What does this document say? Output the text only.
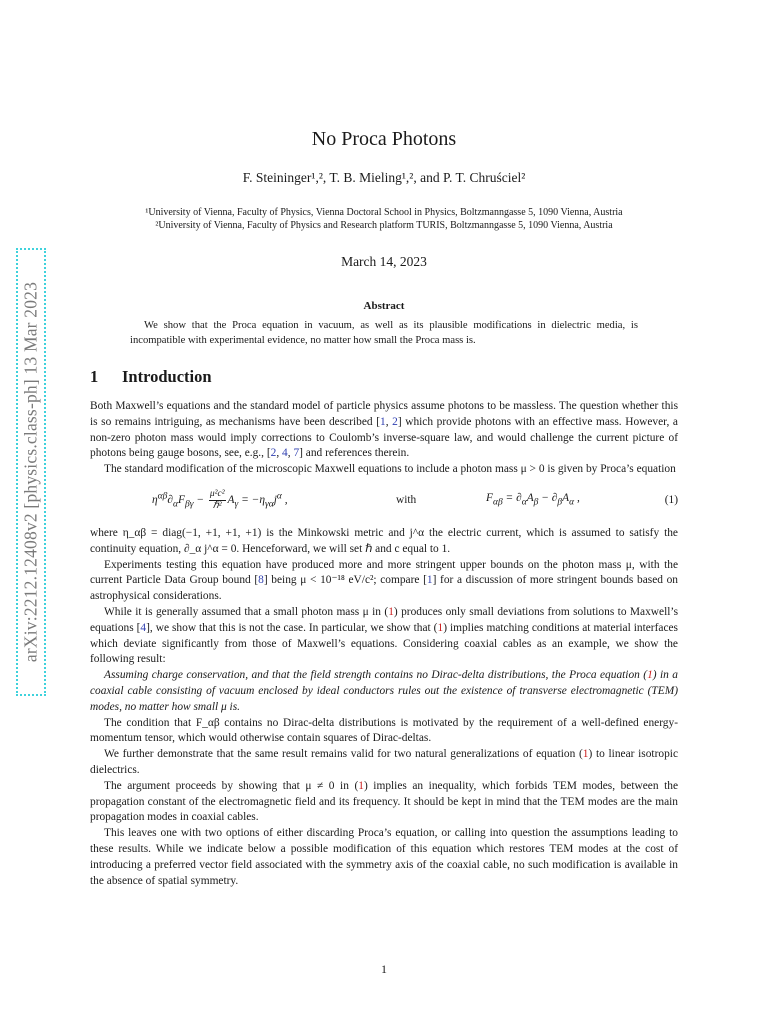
arXiv:2212.12408v2 [physics.class-ph] 13 Mar 2023
No Proca Photons
F. Steininger¹,², T. B. Mieling¹,², and P. T. Chruściel²
¹University of Vienna, Faculty of Physics, Vienna Doctoral School in Physics, Boltzmanngasse 5, 1090 Vienna, Austria
²University of Vienna, Faculty of Physics and Research platform TURIS, Boltzmanngasse 5, 1090 Vienna, Austria
March 14, 2023
Abstract
We show that the Proca equation in vacuum, as well as its plausible modifications in dielectric media, is incompatible with experimental evidence, no matter how small the Proca mass is.
1 Introduction

Both Maxwell’s equations and the standard model of particle physics assume photons to be massless. The question whether this is so remains intriguing, as mechanisms have been described [1, 2] which provide photons with an effective mass. However, a non-zero photon mass would imply corrections to Coulomb’s inverse-square law, and would challenge the current picture of photons being gauge bosons, see, e.g., [2, 4, 7] and references therein.

The standard modification of the microscopic Maxwell equations to include a photon mass μ > 0 is given by Proca’s equation

$\eta^{\alpha\beta}\partial_\alpha F_{\beta\gamma} - \frac{\text{μ²c²}}{\text{ℏ²}} A_\gamma = -\eta_{\gamma\alpha}j^\alpha$ ,	with	$F_{\alpha\beta} = \partial_\alpha A_\beta - \partial_\beta A_\alpha$ ,	(1)

where η_αβ = diag(−1, +1, +1, +1) is the Minkowski metric and j^α the electric current, which is assumed to satisfy the continuity equation, ∂_α j^α = 0. Henceforward, we will set ℏ and c equal to 1.

Experiments testing this equation have produced more and more stringent upper bounds on the photon mass μ, with the current Particle Data Group bound [8] being μ < 10⁻¹⁸ eV/c²; compare [1] for a discussion of more stringent bounds based on astrophysical considerations.

While it is generally assumed that a small photon mass μ in (1) produces only small deviations from solutions to Maxwell’s equations [4], we show that this is not the case. In particular, we show that (1) implies matching conditions at material interfaces which deviate significantly from those of Maxwell’s equations. Considering coaxial cables as an example, we show the following result:

Assuming charge conservation, and that the field strength contains no Dirac-delta distributions, the Proca equation (1) in a coaxial cable consisting of vacuum enclosed by ideal conductors rules out the existence of transverse electromagnetic (TEM) modes, no matter how small μ is.

The condition that F_αβ contains no Dirac-delta distributions is motivated by the requirement of a well-defined energy-momentum tensor, which would otherwise contain squares of Dirac-deltas.

We further demonstrate that the same result remains valid for two natural generalizations of equation (1) to linear isotropic dielectrics.

The argument proceeds by showing that μ ≠ 0 in (1) implies an inequality, which forbids TEM modes, between the propagation constant of the electromagnetic field and its frequency. It should be kept in mind that the TEM modes are the main propagation modes in coaxial cables.

This leaves one with two options of either discarding Proca’s equation, or calling into question the assumptions leading to these results. While we indicate below a possible modification of this equation which restores TEM modes at the cost of introducing a preferred vector field associated with the symmetry axis of the coaxial cable, no such modification is available in the absence of spatial symmetry.

1
